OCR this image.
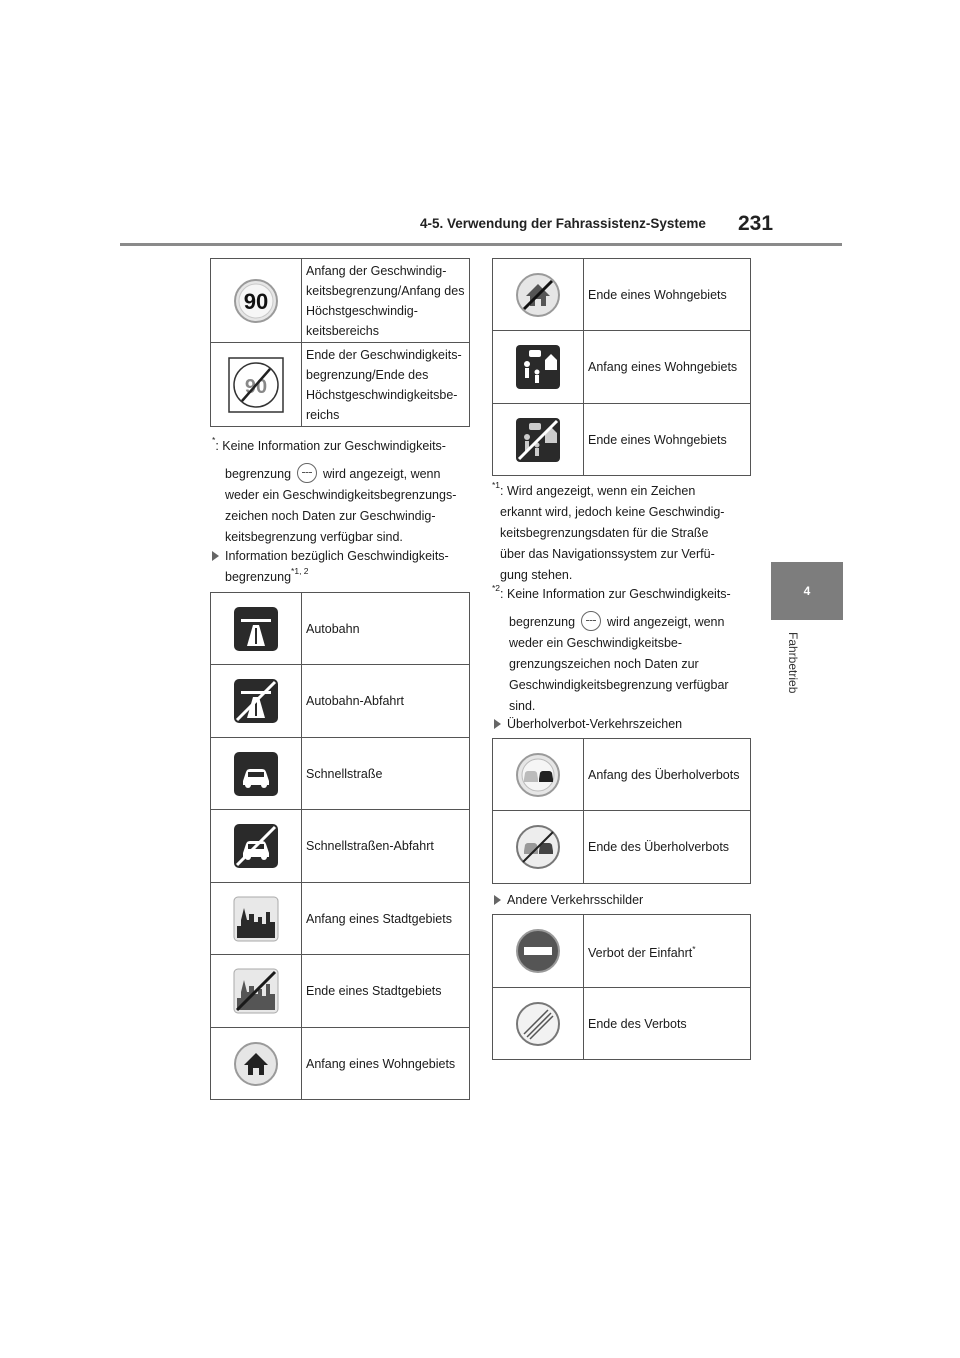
4-5. Verwendung der Fahrassistenz-Systeme 231
4
Fahrbetrieb
90	Anfang der Geschwindig- keitsbegrenzung/Anfang des Höchstgeschwindig- keitsbereichs

90	Ende der Geschwindigkeits- begrenzung/Ende des Höchstgeschwindigkeitsbe- reichs
*: Keine Information zur Geschwindigkeits-
begrenzung	wird angezeigt, wenn
weder ein Geschwindigkeitsbegrenzungs- zeichen noch Daten zur Geschwindig- keitsbegrenzung verfügbar sind.
Information bezüglich Geschwindigkeits-
begrenzung$^{*1, 2}$
	Autobahn

	Autobahn-Abfahrt

	Schnellstraße

	Schnellstraßen-Abfahrt

	Anfang eines Stadtgebiets

	Ende eines Stadtgebiets

	Anfang eines Wohngebiets
	Ende eines Wohngebiets

	Anfang eines Wohngebiets

	Ende eines Wohngebiets
*1 : Wird angezeigt, wenn ein Zeichen erkannt wird, jedoch keine Geschwindig- keitsbegrenzungsdaten für die Straße über das Navigationssystem zur Verfü- gung stehen.
$^{*2}$: Keine Information zur Geschwindigkeits-
begrenzung	wird angezeigt, wenn
weder ein Geschwindigkeitsbe- grenzungszeichen noch Daten zur Geschwindigkeitsbegrenzung verfügbar sind.
Überholverbot-Verkehrszeichen
	Anfang des Überholverbots

	Ende des Überholverbots
Andere Verkehrsschilder
	Verbot der Einfahrt*

	Ende des Verbots
